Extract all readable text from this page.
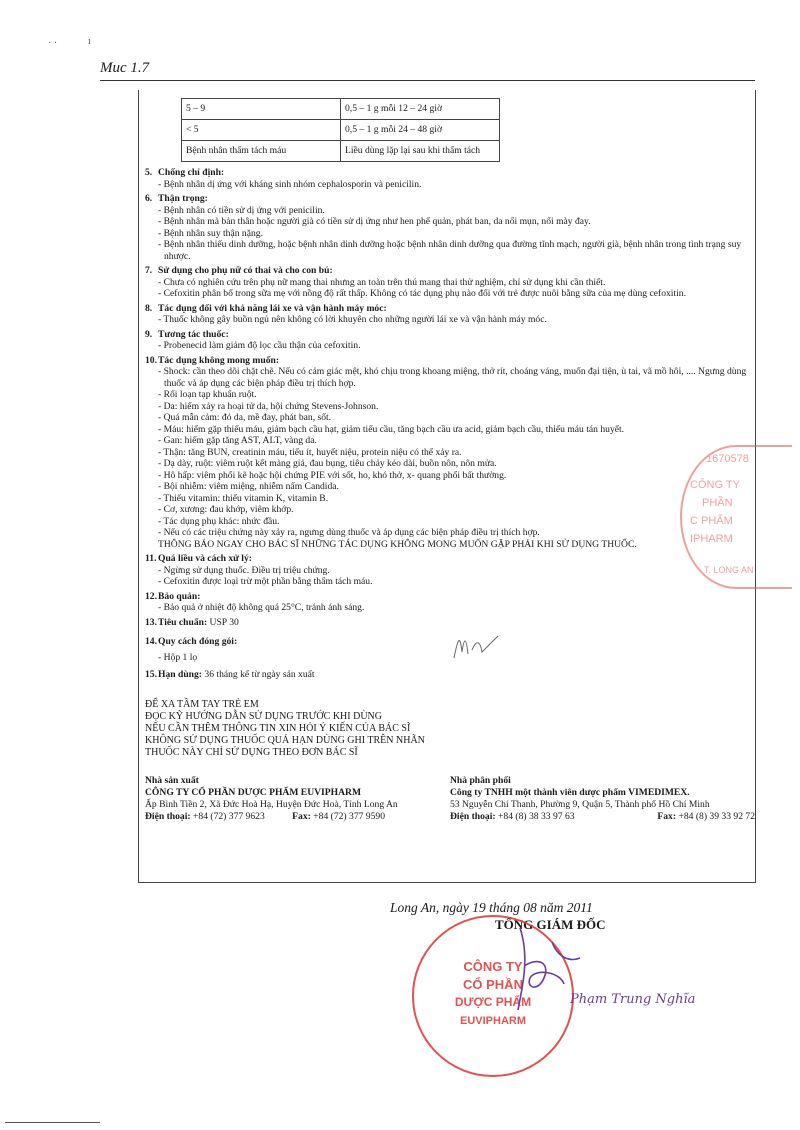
· ·	ı
Muc 1.7
5 – 9	0,5 – 1 g mỗi 12 – 24 giờ
< 5	0,5 – 1 g mỗi 24 – 48 giờ
Bệnh nhân thẩm tách máu	Liều dùng lặp lại sau khi thẩm tách
5. Chống chỉ định:
- Bệnh nhân dị ứng với kháng sinh nhóm cephalosporin và penicilin.
6. Thận trọng:
- Bệnh nhân có tiền sử dị ứng với penicilin.
- Bệnh nhân mà bản thân hoặc người già có tiền sử dị ứng như hen phế quản, phát ban, da nổi mụn, nổi mày đay.
- Bệnh nhân suy thận nặng.
- Bệnh nhân thiếu dinh dưỡng, hoặc bệnh nhân dinh dưỡng hoặc bệnh nhân dinh dưỡng qua đường tĩnh mạch, người già, bệnh nhân trong tình trạng suy nhược.
7. Sử dụng cho phụ nữ có thai và cho con bú:
- Chưa có nghiên cứu trên phụ nữ mang thai nhưng an toàn trên thú mang thai thử nghiệm, chỉ sử dụng khi cần thiết.
- Cefoxitin phân bố trong sữa mẹ với nồng độ rất thấp. Không có tác dụng phụ nào đối với trẻ được nuôi bằng sữa của mẹ dùng cefoxitin.
8. Tác dụng đối với khả năng lái xe và vận hành máy móc:
- Thuốc không gây buồn ngủ nên không có lời khuyên cho những người lái xe và vận hành máy móc.
9. Tương tác thuốc:
- Probenecid làm giảm độ lọc cầu thận của cefoxitin.
10.Tác dụng không mong muốn:
- Shock: cần theo dõi chặt chẽ. Nếu có cảm giác mệt, khó chịu trong khoang miệng, thở rít, choáng váng, muốn đại tiện, ù tai, vã mồ hôi, .... Ngưng dùng thuốc và áp dụng các biện pháp điều trị thích hợp.
- Rối loạn tạp khuẩn ruột.
- Da: hiếm xảy ra hoại tử da, hội chứng Stevens-Johnson.
- Quá mẫn cảm: đỏ da, mề đay, phát ban, sốt.
- Máu: hiếm gặp thiếu máu, giảm bạch cầu hạt, giảm tiểu cầu, tăng bạch cầu ưa acid, giảm bạch cầu, thiếu máu tán huyết.
- Gan: hiếm gặp tăng AST, ALT, vàng da.
- Thận: tăng BUN, creatinin máu, tiểu ít, huyết niệu, protein niệu có thể xảy ra.
- Dạ dày, ruột: viêm ruột kết màng giả, đau bụng, tiêu chảy kéo dài, buồn nôn, nôn mửa.
- Hô hấp: viêm phổi kẽ hoặc hội chứng PIE với sốt, ho, khó thở, x- quang phổi bất thường.
- Bội nhiễm: viêm miệng, nhiễm nấm Candida.
- Thiếu vitamin: thiếu vitamin K, vitamin B.
- Cơ, xương: đau khớp, viêm khớp.
- Tác dụng phụ khác: nhức đầu.
- Nếu có các triệu chứng này xảy ra, ngưng dùng thuốc và áp dụng các biện pháp điều trị thích hợp.
THÔNG BÁO NGAY CHO BÁC SĨ NHỮNG TÁC DỤNG KHÔNG MONG MUỐN GẶP PHẢI KHI SỬ DỤNG THUỐC.
11. Quá liều và cách xử lý:
- Ngừng sử dụng thuốc. Điều trị triệu chứng.
- Cefoxitin được loại trừ một phần bằng thẩm tách máu.
12.Bảo quản:
- Bảo quả ở nhiệt độ không quá 25°C, tránh ánh sáng.
13.Tiêu chuẩn: USP 30
14.Quy cách đóng gói:
- Hộp 1 lọ
15.Hạn dùng: 36 tháng kể từ ngày sản xuất
ĐỂ XA TẦM TAY TRẺ EM
ĐỌC KỸ HƯỚNG DẪN SỬ DỤNG TRƯỚC KHI DÙNG
NẾU CẦN THÊM THÔNG TIN XIN HỎI Ý KIẾN CỦA BÁC SĨ
KHÔNG SỬ DỤNG THUỐC QUÁ HẠN DÙNG GHI TRÊN NHÃN
THUỐC NÀY CHỈ SỬ DỤNG THEO ĐƠN BÁC SĨ
Nhà sản xuất
CÔNG TY CỔ PHẦN DƯỢC PHẨM EUVIPHARM
Ấp Bình Tiền 2, Xã Đức Hoà Hạ, Huyện Đức Hoà, Tỉnh Long An
Điện thoại: +84 (72) 377 9623	Fax: +84 (72) 377 9590
Nhà phân phối
Công ty TNHH một thành viên dược phẩm VIMEDIMEX.
53 Nguyễn Chí Thanh, Phường 9, Quận 5, Thành phố Hồ Chí Minh
Điện thoại: +84 (8) 38 33 97 63	Fax: +84 (8) 39 33 92 72
1670578
CÔNG TY
PHẦN
C PHẨM
IPHARM
T. LONG AN
Long An, ngày 19 tháng 08 năm 2011
TỔNG GIÁM ĐỐC
CÔNG TY
CỔ PHẦN
DƯỢC PHẨM
EUVIPHARM
Phạm Trung Nghĩa
